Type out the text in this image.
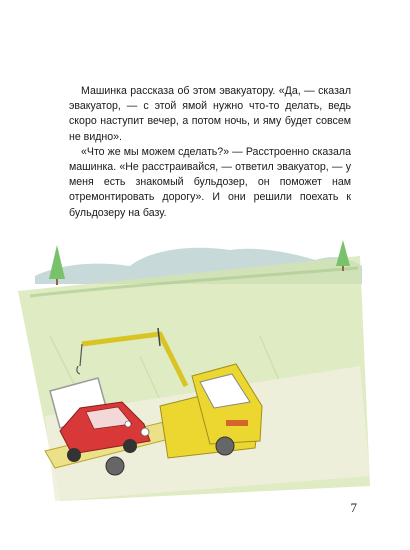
Машинка рассказа об этом эвакуатору. «Да, — сказал эвакуатор, — с этой ямой нужно что-то делать, ведь скоро наступит вечер, а потом ночь, и яму будет совсем не видно».

«Что же мы можем сделать?» — Расстроенно сказала машинка. «Не расстраивайся, — ответил эвакуатор, — у меня есть знакомый бульдозер, он поможет нам отремонтировать дорогу». И они решили поехать к бульдозеру на базу.

7
